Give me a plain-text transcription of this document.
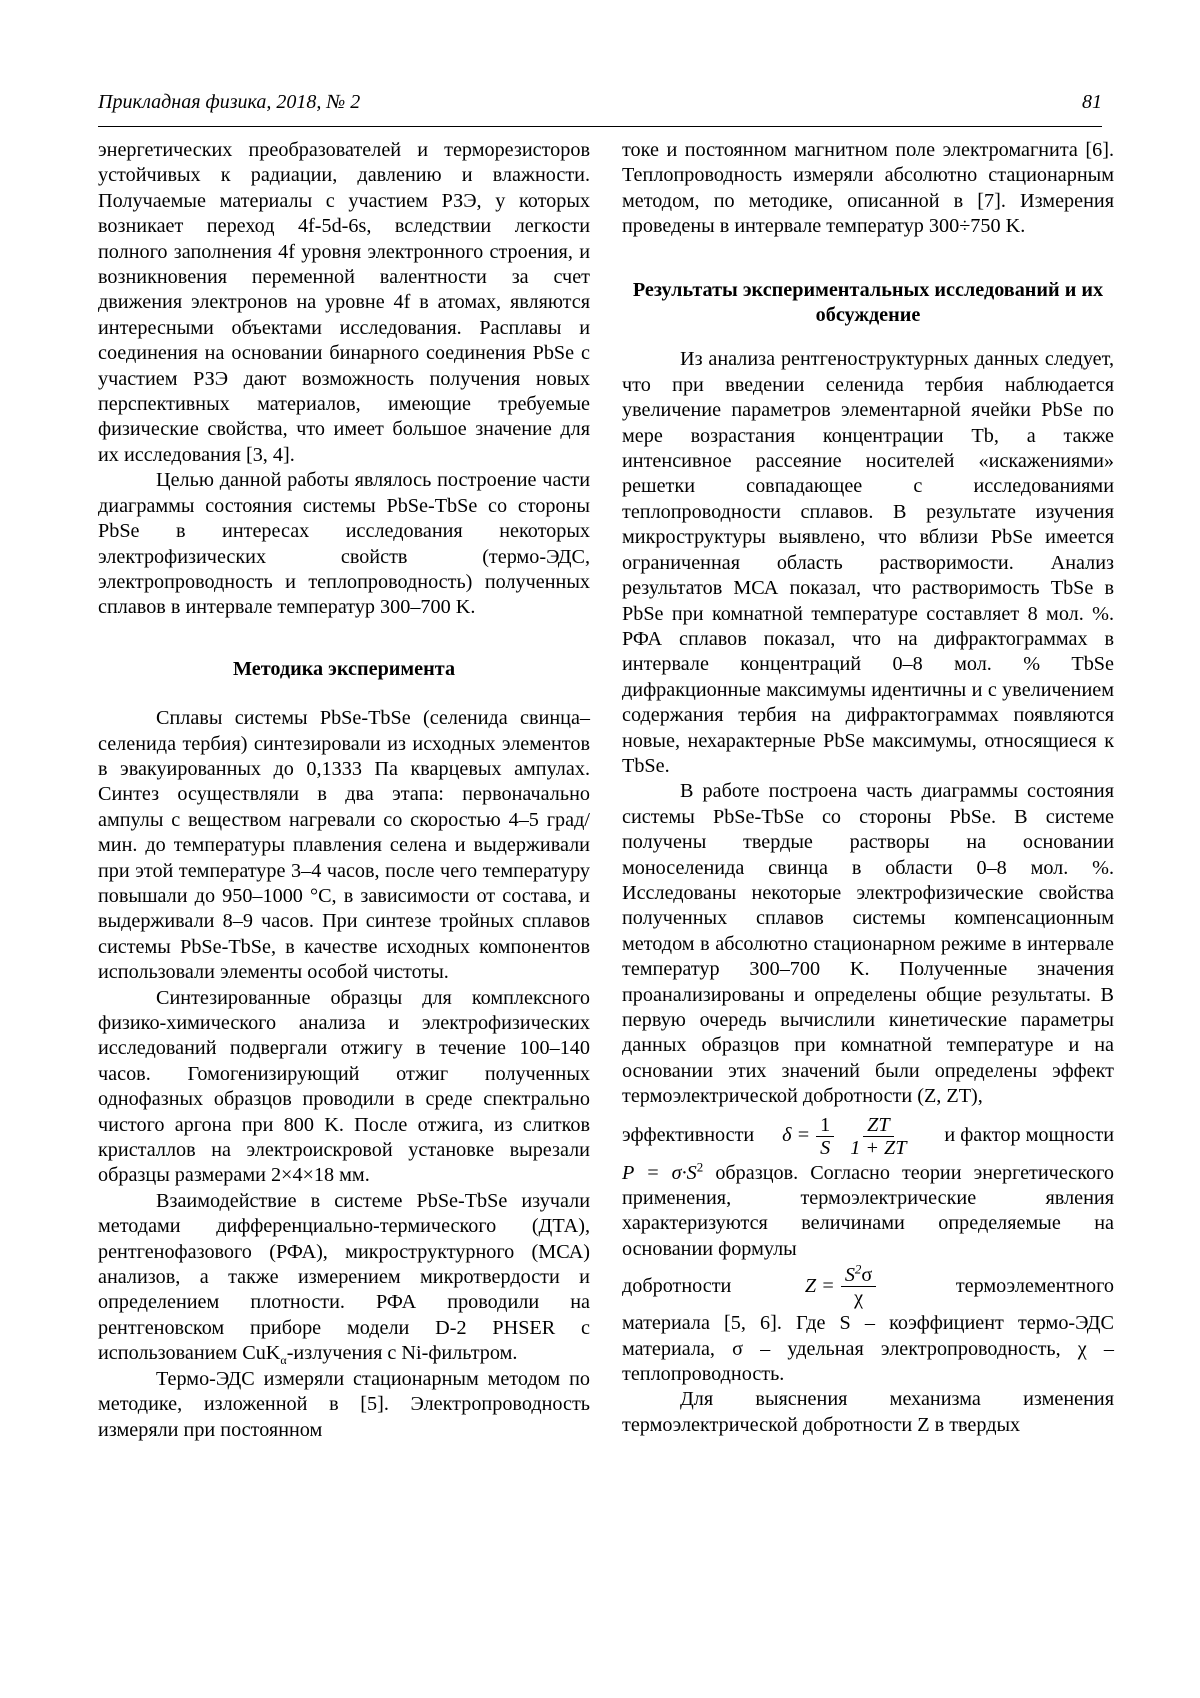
Прикладная физика, 2018, № 2	81

энергетических преобразователей и терморезисторов устойчивых к радиации, давлению и влажности. Получаемые материалы с участием РЗЭ, у которых возникает переход 4f-5d-6s, вследствии легкости полного заполнения 4f уровня электронного строения, и возникновения переменной валентности за счет движения электронов на уровне 4f в атомах, являются интересными объектами исследования. Расплавы и соединения на основании бинарного соединения PbSe с участием РЗЭ дают возможность получения новых перспективных материалов, имеющие требуемые физические свойства, что имеет большое значение для их исследования [3, 4].

Целью данной работы являлось построение части диаграммы состояния системы PbSe-TbSe со стороны PbSe в интересах исследования некоторых электрофизических свойств (термо-ЭДС, электропроводность и теплопроводность) полученных сплавов в интервале температур 300–700 K.

Методика эксперимента

Сплавы системы PbSe-TbSe (селенида свинца–селенида тербия) синтезировали из исходных элементов в эвакуированных до 0,1333 Па кварцевых ампулах. Синтез осуществляли в два этапа: первоначально ампулы с веществом нагревали со скоростью 4–5 град/мин. до температуры плавления селена и выдерживали при этой температуре 3–4 часов, после чего температуру повышали до 950–1000 °C, в зависимости от состава, и выдерживали 8–9 часов. При синтезе тройных сплавов системы PbSe-TbSe, в качестве исходных компонентов использовали элементы особой чистоты.

Синтезированные образцы для комплексного физико-химического анализа и электрофизических исследований подвергали отжигу в течение 100–140 часов. Гомогенизирующий отжиг полученных однофазных образцов проводили в среде спектрально чистого аргона при 800 K. После отжига, из слитков кристаллов на электроискровой установке вырезали образцы размерами 2×4×18 мм.

Взаимодействие в системе PbSe-TbSe изучали методами дифференциально-термического (ДТА), рентгенофазового (РФА), микроструктурного (МСА) анализов, а также измерением микротвердости и определением плотности. РФА проводили на рентгеновском приборе модели D-2 PHSER с использованием CuK$_\alpha$-излучения с Ni-фильтром.

Термо-ЭДС измеряли стационарным методом по методике, изложенной в [5]. Электропроводность измеряли при постоянном

токе и постоянном магнитном поле электромагнита [6]. Теплопроводность измеряли абсолютно стационарным методом, по методике, описанной в [7]. Измерения проведены в интервале температур 300÷750 K.

Результаты экспериментальных исследований и их обсуждение

Из анализа рентгеноструктурных данных следует, что при введении селенида тербия наблюдается увеличение параметров элементарной ячейки PbSe по мере возрастания концентрации Tb, а также интенсивное рассеяние носителей «искажениями» решетки совпадающее с исследованиями теплопроводности сплавов. В результате изучения микроструктуры выявлено, что вблизи PbSe имеется ограниченная область растворимости. Анализ результатов МСА показал, что растворимость TbSe в PbSe при комнатной температуре составляет 8 мол. %. РФА сплавов показал, что на дифрактограммах в интервале концентраций 0–8 мол. % TbSe дифракционные максимумы идентичны и с увеличением содержания тербия на дифрактограммах появляются новые, нехарактерные PbSe максимумы, относящиеся к TbSe.

В работе построена часть диаграммы состояния системы PbSe-TbSe со стороны PbSe. В системе получены твердые растворы на основании моноселенида свинца в области 0–8 мол. %. Исследованы некоторые электрофизические свойства полученных сплавов системы компенсационным методом в абсолютно стационарном режиме в интервале температур 300–700 K. Полученные значения проанализированы и определены общие результаты. В первую очередь вычислили кинетические параметры данных образцов при комнатной температуре и на основании этих значений были определены эффект термоэлектрической добротности (Z, ZT),

эффективности $\delta = \frac{1}{S} \frac{ZT}{1 + ZT}$ и фактор мощности

$P = \sigma\cdot S^2$ образцов. Согласно теории энергетического применения, термоэлектрические явления характеризуются величинами определяемые на основании формулы

добротности	$Z = \frac{S^2\sigma}{\chi}$	термоэлементного

материала [5, 6]. Где S – коэффициент термо-ЭДС материала, σ – удельная электропроводность, χ – теплопроводность.

Для выяснения механизма изменения термоэлектрической добротности Z в твердых
